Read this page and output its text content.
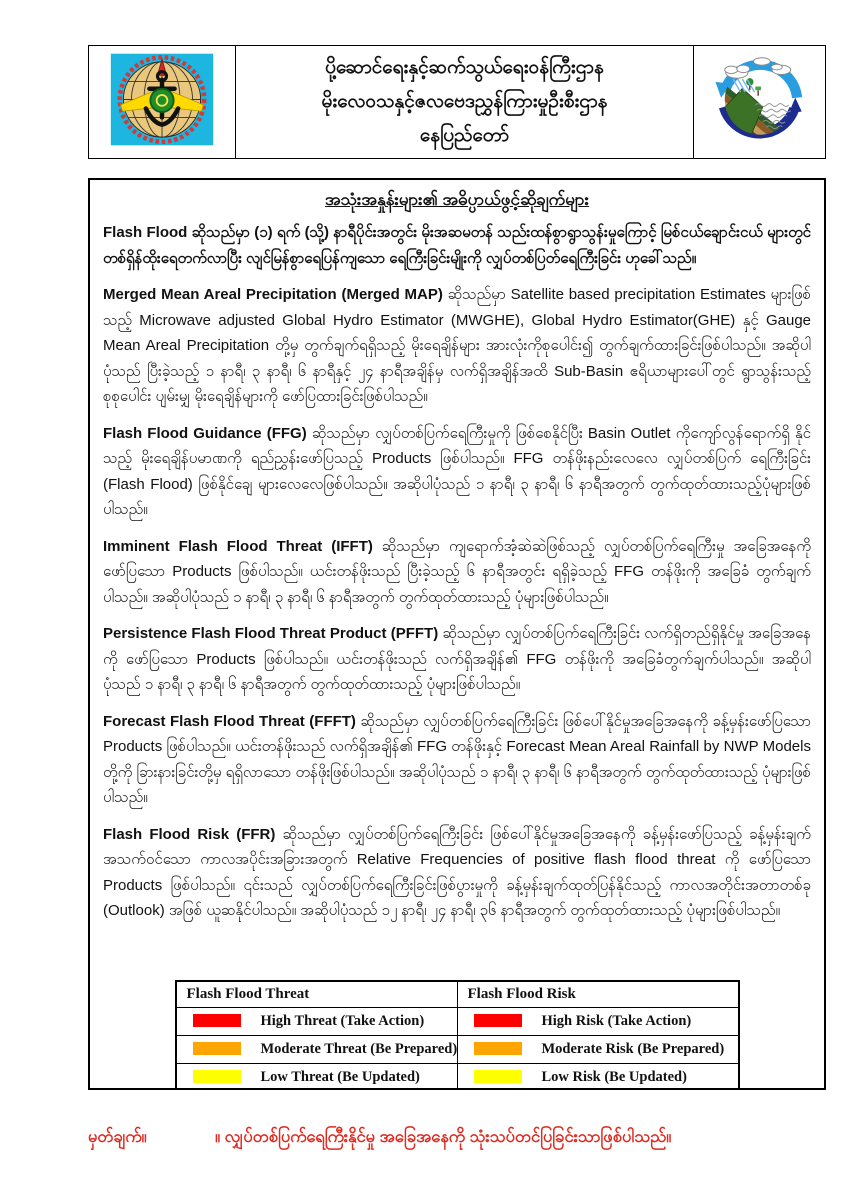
ပို့ဆောင်ရေးနှင့်ဆက်သွယ်ရေးဝန်ကြီးဌာန
မိုးလေဝသနှင့်ဇလဗေဒညွှန်ကြားမှုဦးစီးဌာန
နေပြည်တော်
အသုံးအနှုန်းများ၏ အဓိပ္ပာယ်ဖွင့်ဆိုချက်များ

Flash Flood ဆိုသည်မှာ (၁) ရက် (သို့) နာရီပိုင်းအတွင်း မိုးအဆမတန် သည်းထန်စွာရွာသွန်းမှုကြောင့် မြစ်ငယ်ချောင်းငယ် များတွင် တစ်ရှိန်ထိုးရေတက်လာပြီး လျင်မြန်စွာရေပြန်ကျသော ရေကြီးခြင်းမျိုးကို လျှပ်တစ်ပြတ်ရေကြီးခြင်း ဟုခေါ်သည်။

Merged Mean Areal Precipitation (Merged MAP) ဆိုသည်မှာ Satellite based precipitation Estimates များဖြစ်သည့် Microwave adjusted Global Hydro Estimator (MWGHE), Global Hydro Estimator(GHE) နှင့် Gauge Mean Areal Precipitation တို့မှ တွက်ချက်ရရှိသည့် မိုးရေချိန်များ အားလုံးကိုစုပေါင်း၍ တွက်ချက်ထားခြင်းဖြစ်ပါသည်။ အဆိုပါပုံသည် ပြီးခဲ့သည့် ၁ နာရီ၊ ၃ နာရီ၊ ၆ နာရီနှင့် ၂၄ နာရီအချိန်မှ လက်ရှိအချိန်အထိ Sub-Basin ဧရိယာများပေါ်တွင် ရွာသွန်းသည့် စုစုပေါင်း ပျမ်းမျှ မိုးရေချိန်များကို ဖော်ပြထားခြင်းဖြစ်ပါသည်။

Flash Flood Guidance (FFG) ဆိုသည်မှာ လျှပ်တစ်ပြက်ရေကြီးမှုကို ဖြစ်စေနိုင်ပြီး Basin Outlet ကိုကျော်လွန်ရောက်ရှိ နိုင်သည့် မိုးရေချိန်ပမာဏကို ရည်ညွှန်းဖော်ပြသည့် Products ဖြစ်ပါသည်။ FFG တန်ဖိုးနည်းလေလေ လျှပ်တစ်ပြက် ရေကြီးခြင်း (Flash Flood) ဖြစ်နိုင်ချေ များလေလေဖြစ်ပါသည်။ အဆိုပါပုံသည် ၁ နာရီ၊ ၃ နာရီ၊ ၆ နာရီအတွက် တွက်ထုတ်ထားသည့်ပုံများဖြစ်ပါသည်။

Imminent Flash Flood Threat (IFFT) ဆိုသည်မှာ ကျရောက်အံ့ဆဲဆဲဖြစ်သည့် လျှပ်တစ်ပြက်ရေကြီးမှု အခြေအနေကို ဖော်ပြသော Products ဖြစ်ပါသည်။ ယင်းတန်ဖိုးသည် ပြီးခဲ့သည့် ၆ နာရီအတွင်း ရရှိခဲ့သည့် FFG တန်ဖိုးကို အခြေခံ တွက်ချက်ပါသည်။ အဆိုပါပုံသည် ၁ နာရီ၊ ၃ နာရီ၊ ၆ နာရီအတွက် တွက်ထုတ်ထားသည့် ပုံများဖြစ်ပါသည်။

Persistence Flash Flood Threat Product (PFFT) ဆိုသည်မှာ လျှပ်တစ်ပြက်ရေကြီးခြင်း လက်ရှိတည်ရှိနိုင်မှု အခြေအနေကို ဖော်ပြသော Products ဖြစ်ပါသည်။ ယင်းတန်ဖိုးသည် လက်ရှိအချိန်၏ FFG တန်ဖိုးကို အခြေခံတွက်ချက်ပါသည်။ အဆိုပါပုံသည် ၁ နာရီ၊ ၃ နာရီ၊ ၆ နာရီအတွက် တွက်ထုတ်ထားသည့် ပုံများဖြစ်ပါသည်။

Forecast Flash Flood Threat (FFFT) ဆိုသည်မှာ လျှပ်တစ်ပြက်ရေကြီးခြင်း ဖြစ်ပေါ်နိုင်မှုအခြေအနေကို ခန့်မှန်းဖော်ပြသော Products ဖြစ်ပါသည်။ ယင်းတန်ဖိုးသည် လက်ရှိအချိန်၏ FFG တန်ဖိုးနှင့် Forecast Mean Areal Rainfall by NWP Models တို့ကို ခြားနားခြင်းတို့မှ ရရှိလာသော တန်ဖိုးဖြစ်ပါသည်။ အဆိုပါပုံသည် ၁ နာရီ၊ ၃ နာရီ၊ ၆ နာရီအတွက် တွက်ထုတ်ထားသည့် ပုံများဖြစ်ပါသည်။

Flash Flood Risk (FFR) ဆိုသည်မှာ လျှပ်တစ်ပြက်ရေကြီးခြင်း ဖြစ်ပေါ်နိုင်မှုအခြေအနေကို ခန့်မှန်းဖော်ပြသည့် ခန့်မှန်းချက် အသက်ဝင်သော ကာလအပိုင်းအခြားအတွက် Relative Frequencies of positive flash flood threat ကို ဖော်ပြသော Products ဖြစ်ပါသည်။ ၎င်းသည် လျှပ်တစ်ပြက်ရေကြီးခြင်းဖြစ်ပွားမှုကို ခန့်မှန်းချက်ထုတ်ပြန်နိုင်သည့် ကာလအတိုင်းအတာတစ်ခု (Outlook) အဖြစ် ယူဆနိုင်ပါသည်။ အဆိုပါပုံသည် ၁၂ နာရီ၊ ၂၄ နာရီ၊ ၃၆ နာရီအတွက် တွက်ထုတ်ထားသည့် ပုံများဖြစ်ပါသည်။

Flash Flood Threat	Flash Flood Risk
High Threat (Take Action)	High Risk (Take Action)
Moderate Threat (Be Prepared)	Moderate Risk (Be Prepared)
Low Threat (Be Updated)	Low Risk (Be Updated)
မှတ်ချက်။	။ လျှပ်တစ်ပြက်ရေကြီးနိုင်မှု အခြေအနေကို သုံးသပ်တင်ပြခြင်းသာဖြစ်ပါသည်။
